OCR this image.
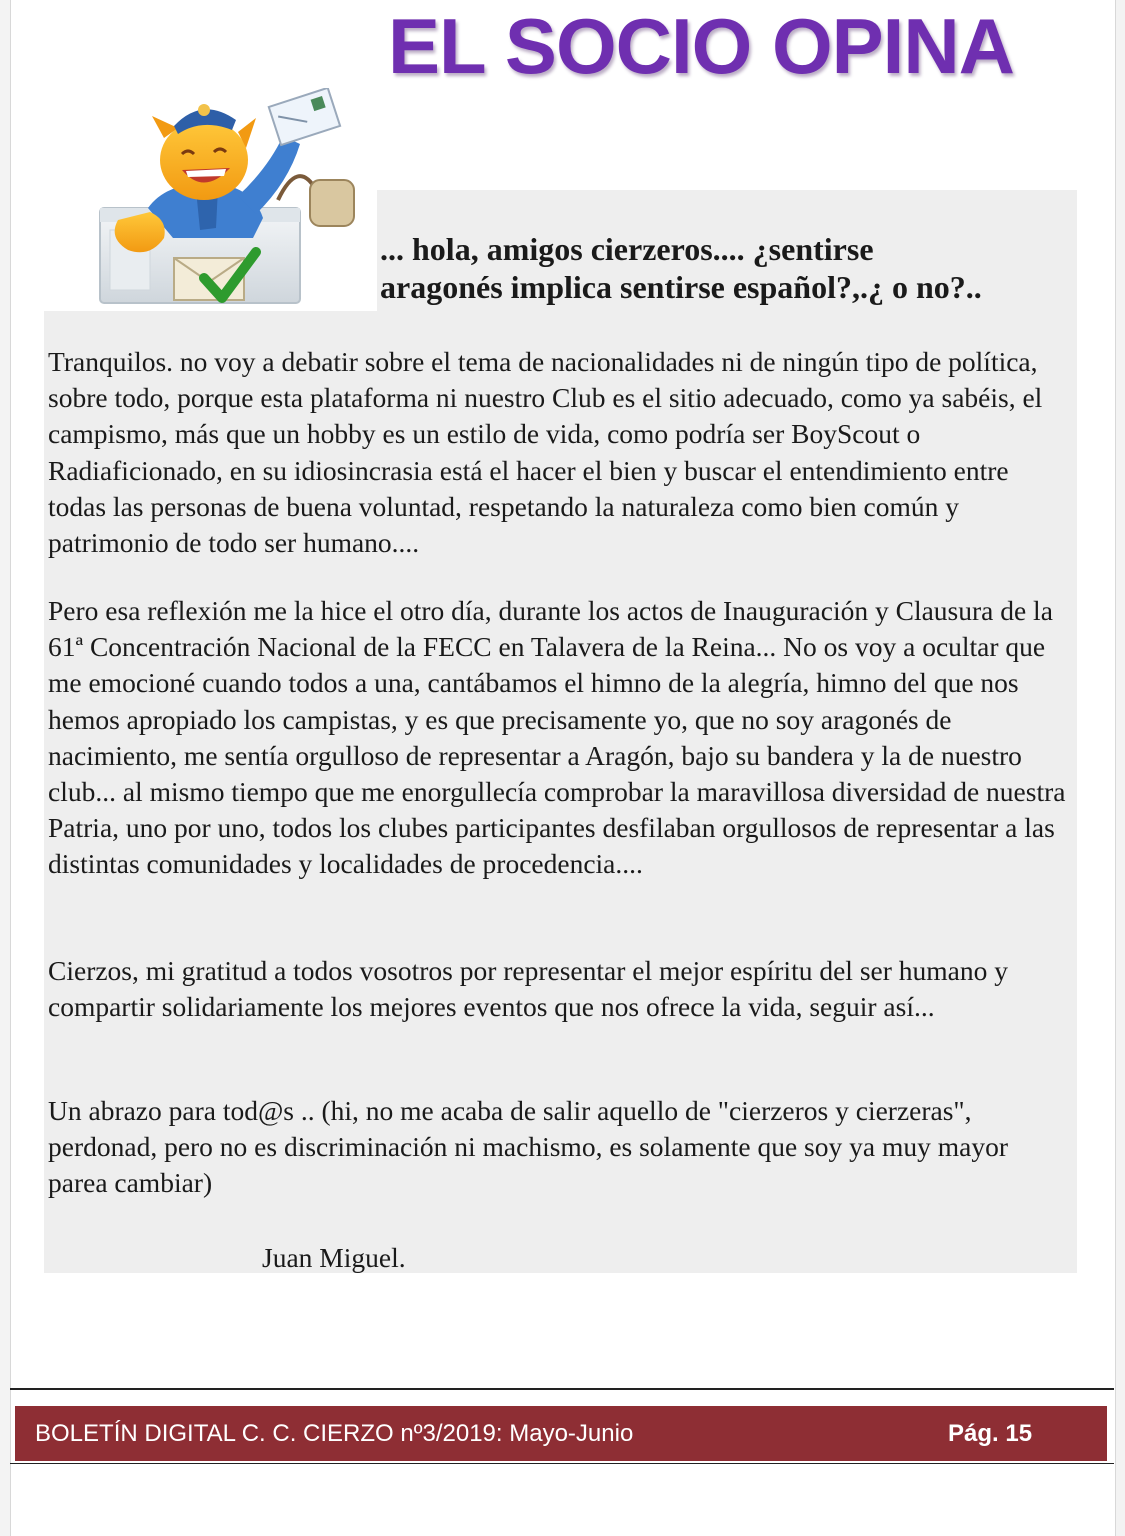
EL SOCIO OPINA
... hola, amigos cierzeros.... ¿sentirse
aragonés implica sentirse español?,.¿ o no?..

Tranquilos. no voy a debatir sobre el tema de nacionalidades ni de ningún tipo de política, sobre todo, porque esta plataforma ni nuestro Club es el sitio adecuado, como ya sabéis, el campismo, más que un hobby es un estilo de vida, como podría ser BoyScout o Radiaficionado, en su idiosincrasia está el hacer el bien y buscar el entendimiento entre todas las personas de buena voluntad, respetando la naturaleza como bien común y patrimonio de todo ser humano....

Pero esa reflexión me la hice el otro día, durante los actos de Inauguración y Clausura de la 61ª Concentración Nacional de la FECC en Talavera de la Reina... No os voy a ocultar que me emocioné cuando todos a una, cantábamos el himno de la alegría, himno del que nos hemos apropiado los campistas, y es que precisamente yo, que no soy aragonés de nacimiento, me sentía orgulloso de representar a Aragón, bajo su bandera y la de nuestro club... al mismo tiempo que me enorgullecía comprobar la maravillosa diversidad de nuestra Patria, uno por uno, todos los clubes participantes desfilaban orgullosos de representar a las distintas comunidades y localidades de procedencia....

Cierzos, mi gratitud a todos vosotros por representar el mejor espíritu del ser humano y compartir solidariamente los mejores eventos que nos ofrece la vida, seguir así...

Un abrazo para tod@s .. (hi, no me acaba de salir aquello de "cierzeros y cierzeras", perdonad, pero no es discriminación ni machismo, es solamente que soy ya muy mayor parea cambiar)

Juan Miguel.
BOLETÍN DIGITAL C. C. CIERZO nº3/2019: Mayo-Junio	Pág. 15
